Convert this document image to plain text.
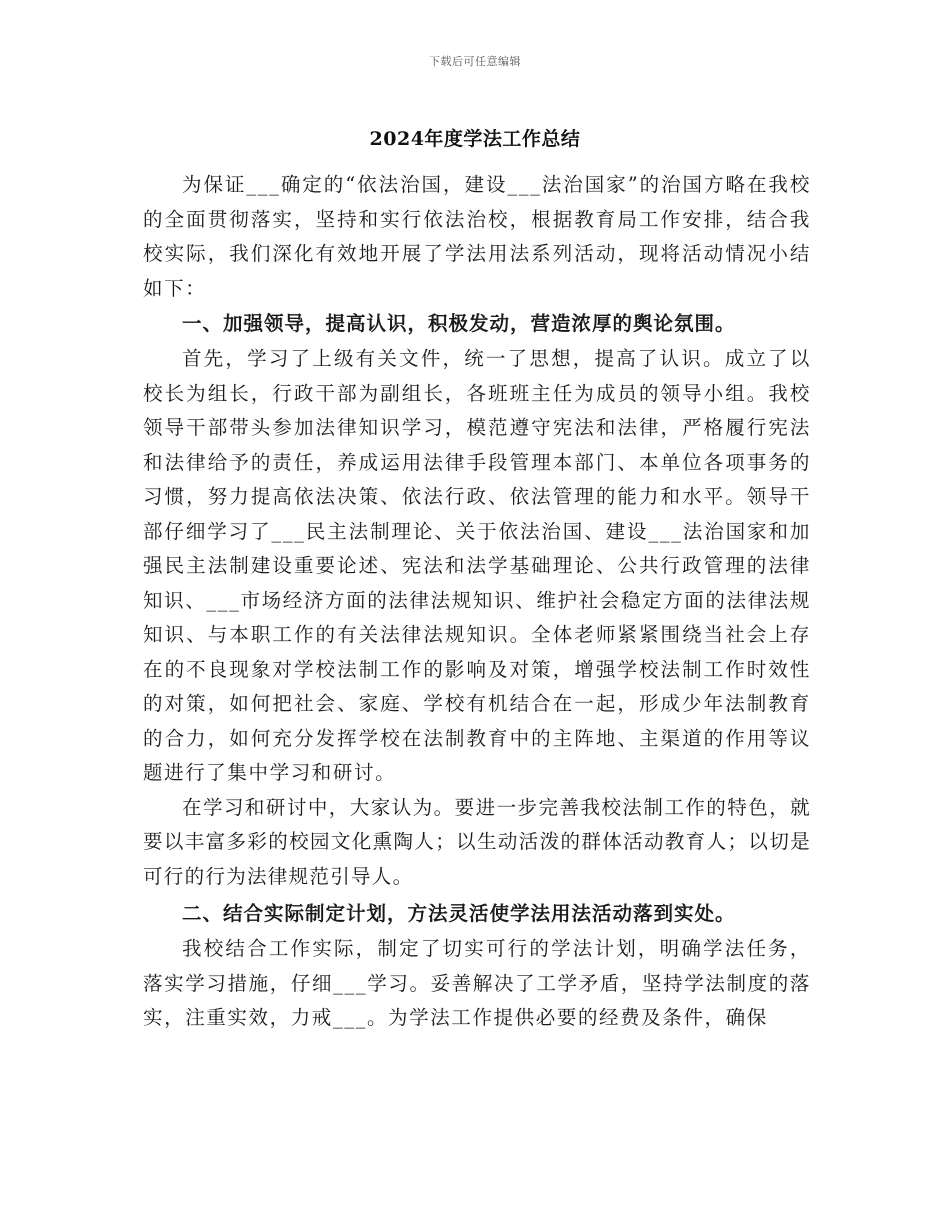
下载后可任意编辑
2024年度学法工作总结

为保证___确定的“依法治国，建设___法治国家”的治国方略在我校的全面贯彻落实，坚持和实行依法治校，根据教育局工作安排，结合我校实际，我们深化有效地开展了学法用法系列活动，现将活动情况小结如下：

一、加强领导，提高认识，积极发动，营造浓厚的舆论氛围。

首先，学习了上级有关文件，统一了思想，提高了认识。成立了以校长为组长，行政干部为副组长，各班班主任为成员的领导小组。我校领导干部带头参加法律知识学习，模范遵守宪法和法律，严格履行宪法和法律给予的责任，养成运用法律手段管理本部门、本单位各项事务的习惯，努力提高依法决策、依法行政、依法管理的能力和水平。领导干部仔细学习了___民主法制理论、关于依法治国、建设___法治国家和加强民主法制建设重要论述、宪法和法学基础理论、公共行政管理的法律知识、___市场经济方面的法律法规知识、维护社会稳定方面的法律法规知识、与本职工作的有关法律法规知识。全体老师紧紧围绕当社会上存在的不良现象对学校法制工作的影响及对策，增强学校法制工作时效性的对策，如何把社会、家庭、学校有机结合在一起，形成少年法制教育的合力，如何充分发挥学校在法制教育中的主阵地、主渠道的作用等议题进行了集中学习和研讨。

在学习和研讨中，大家认为。要进一步完善我校法制工作的特色，就要以丰富多彩的校园文化熏陶人；以生动活泼的群体活动教育人；以切是可行的行为法律规范引导人。

二、结合实际制定计划，方法灵活使学法用法活动落到实处。

我校结合工作实际，制定了切实可行的学法计划，明确学法任务，落实学习措施，仔细___学习。妥善解决了工学矛盾，坚持学法制度的落实，注重实效，力戒___。为学法工作提供必要的经费及条件，确保
